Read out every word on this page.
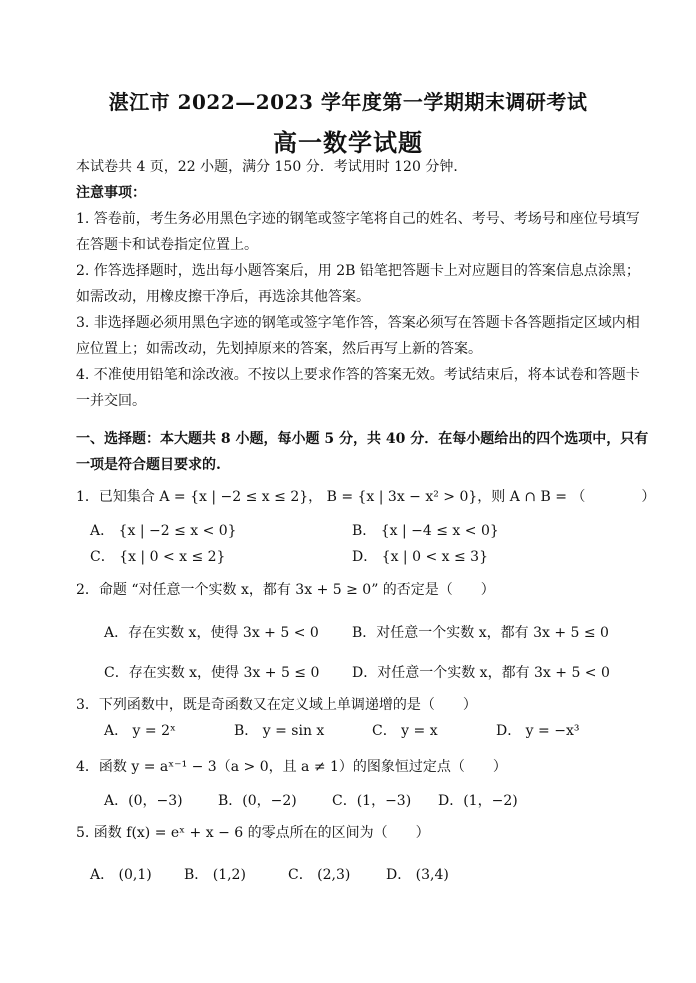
湛江市 2022—2023 学年度第一学期期末调研考试
高一数学试题
本试卷共 4 页，22 小题，满分 150 分．考试用时 120 分钟．
注意事项：
1. 答卷前，考生务必用黑色字迹的钢笔或签字笔将自己的姓名、考号、考场号和座位号填写
在答题卡和试卷指定位置上。
2. 作答选择题时，选出每小题答案后，用 2B 铅笔把答题卡上对应题目的答案信息点涂黑；
如需改动，用橡皮擦干净后，再选涂其他答案。
3. 非选择题必须用黑色字迹的钢笔或签字笔作答，答案必须写在答题卡各答题指定区域内相
应位置上；如需改动，先划掉原来的答案，然后再写上新的答案。
4. 不准使用铅笔和涂改液。不按以上要求作答的答案无效。考试结束后，将本试卷和答题卡
一并交回。
一、选择题：本大题共 8 小题，每小题 5 分，共 40 分．在每小题给出的四个选项中，只有
一项是符合题目要求的.
1．已知集合 A = {x | −2 ≤ x ≤ 2}， B = {x | 3x − x² > 0}，则 A ∩ B = （　　　　）
A． {x | −2 ≤ x < 0}	B． {x | −4 ≤ x < 0}
C． {x | 0 < x ≤ 2}	D． {x | 0 < x ≤ 3}
2．命题 “对任意一个实数 x，都有 3x + 5 ≥ 0” 的否定是（　　）
A．存在实数 x，使得 3x + 5 < 0 B．对任意一个实数 x，都有 3x + 5 ≤ 0
C．存在实数 x，使得 3x + 5 ≤ 0 D．对任意一个实数 x，都有 3x + 5 < 0
3．下列函数中，既是奇函数又在定义域上单调递增的是（　　）
A． y = 2ˣ	B． y = sin x	C． y = x	D． y = −x³
4．函数 y = aˣ⁻¹ − 3（a > 0，且 a ≠ 1）的图象恒过定点（　　）
A．(0，−3)	B．(0，−2)	C．(1，−3) D．(1，−2)
5. 函数 f(x) = eˣ + x − 6 的零点所在的区间为（　　）
A． (0,1) B． (1,2)	C． (2,3)	D． (3,4)
